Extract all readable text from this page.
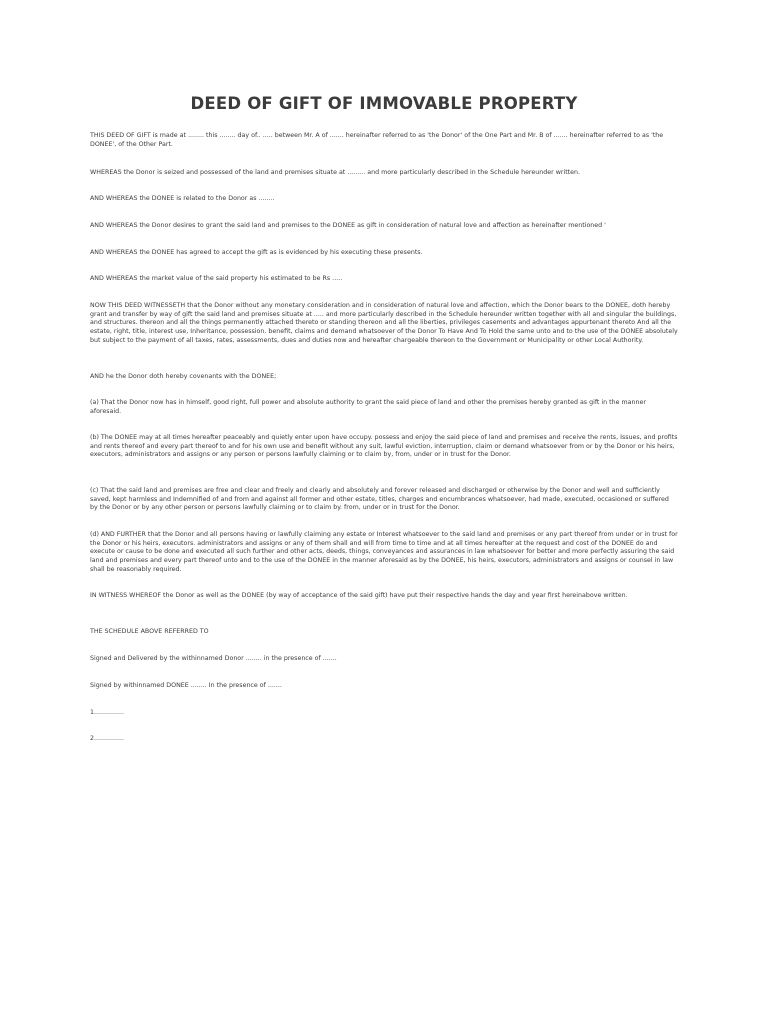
DEED OF GIFT OF IMMOVABLE PROPERTY

THIS DEED OF GIFT is made at ........ this ........ day of.. ..... between Mr. A of ....... hereinafter referred to as 'the Donor' of the One Part and Mr. B of ....... hereinafter referred to as 'the DONEE', of the Other Part.

WHEREAS the Donor is seized and possessed of the land and premises situate at ......... and more particularly described in the Schedule hereunder written.

AND WHEREAS the DONEE is related to the Donor as ........

AND WHEREAS the Donor desires to grant the said land and premises to the DONEE as gift in consideration of natural love and affection as hereinafter mentioned '

AND WHEREAS the DONEE has agreed to accept the gift as is evidenced by his executing these presents.

AND WHEREAS the market value of the said property his estimated to be Rs .....

NOW THIS DEED WITNESSETH that the Donor without any monetary consideration and in consideration of natural love and affection, which the Donor bears to the DONEE, doth hereby grant and transfer by way of gift the said land and premises situate at ..... and more particularly described in the Schedule hereunder written together with all and singular the buildings, and structures. thereon and all the things permanently attached thereto or standing thereon and all the liberties, privileges casements and advantages appurtenant thereto And all the estate, right, title, interest use, Inheritance, possession. benefit, claims and demand whatsoever of the Donor To Have And To Hold the same unto and to the use of the DONEE absolutely but subject to the payment of all taxes, rates, assessments, dues and duties now and hereafter chargeable thereon to the Government or Municipality or other Local Authority.

AND he the Donor doth hereby covenants with the DONEE;

(a) That the Donor now has in himself, good right, full power and absolute authority to grant the said piece of land and other the premises hereby granted as gift in the manner aforesaid.

(b) The DONEE may at all times hereafter peaceably and quietly enter upon have occupy. possess and enjoy the said piece of land and premises and receive the rents, Issues, and profits and rents thereof and every part thereof to and for his own use and benefit without any suit, lawful eviction, interruption, claim or demand whatsoever from or by the Donor or his heirs, executors, administrators and assigns or any person or persons lawfully claiming or to claim by, from, under or in trust for the Donor.

(c) That the said land and premises are free and clear and freely and clearly and absolutely and forever released and discharged or otherwise by the Donor and well and sufficiently saved, kept harmless and Indemnified of and from and against all former and other estate, titles, charges and encumbrances whatsoever, had made, executed, occasioned or suffered by the Donor or by any other person or persons lawfully claiming or to claim by. from, under or in trust for the Donor.

(d) AND FURTHER that the Donor and all persons having or lawfully claiming any estate or Interest whatsoever to the said land and premises or any part thereof from under or in trust for the Donor or his heirs, executors. administrators and assigns or any of them shall and will from time to time and at all times hereafter at the request and cost of the DONEE do and execute or cause to be done and executed all such further and other acts, deeds, things, conveyances and assurances in law whatsoever for better and more perfectly assuring the said land and premises and every part thereof unto and to the use of the DONEE in the manner aforesaid as by the DONEE, his heirs, executors, administrators and assigns or counsel in law shall be reasonably required.

IN WITNESS WHEREOF the Donor as well as the DONEE (by way of acceptance of the said gift) have put their respective hands the day and year first hereinabove written.

THE SCHEDULE ABOVE REFERRED TO

Signed and Delivered by the withinnamed Donor ........ in the presence of .......

Signed by withinnamed DONEE ........ In the presence of .......

1...............

2...............
